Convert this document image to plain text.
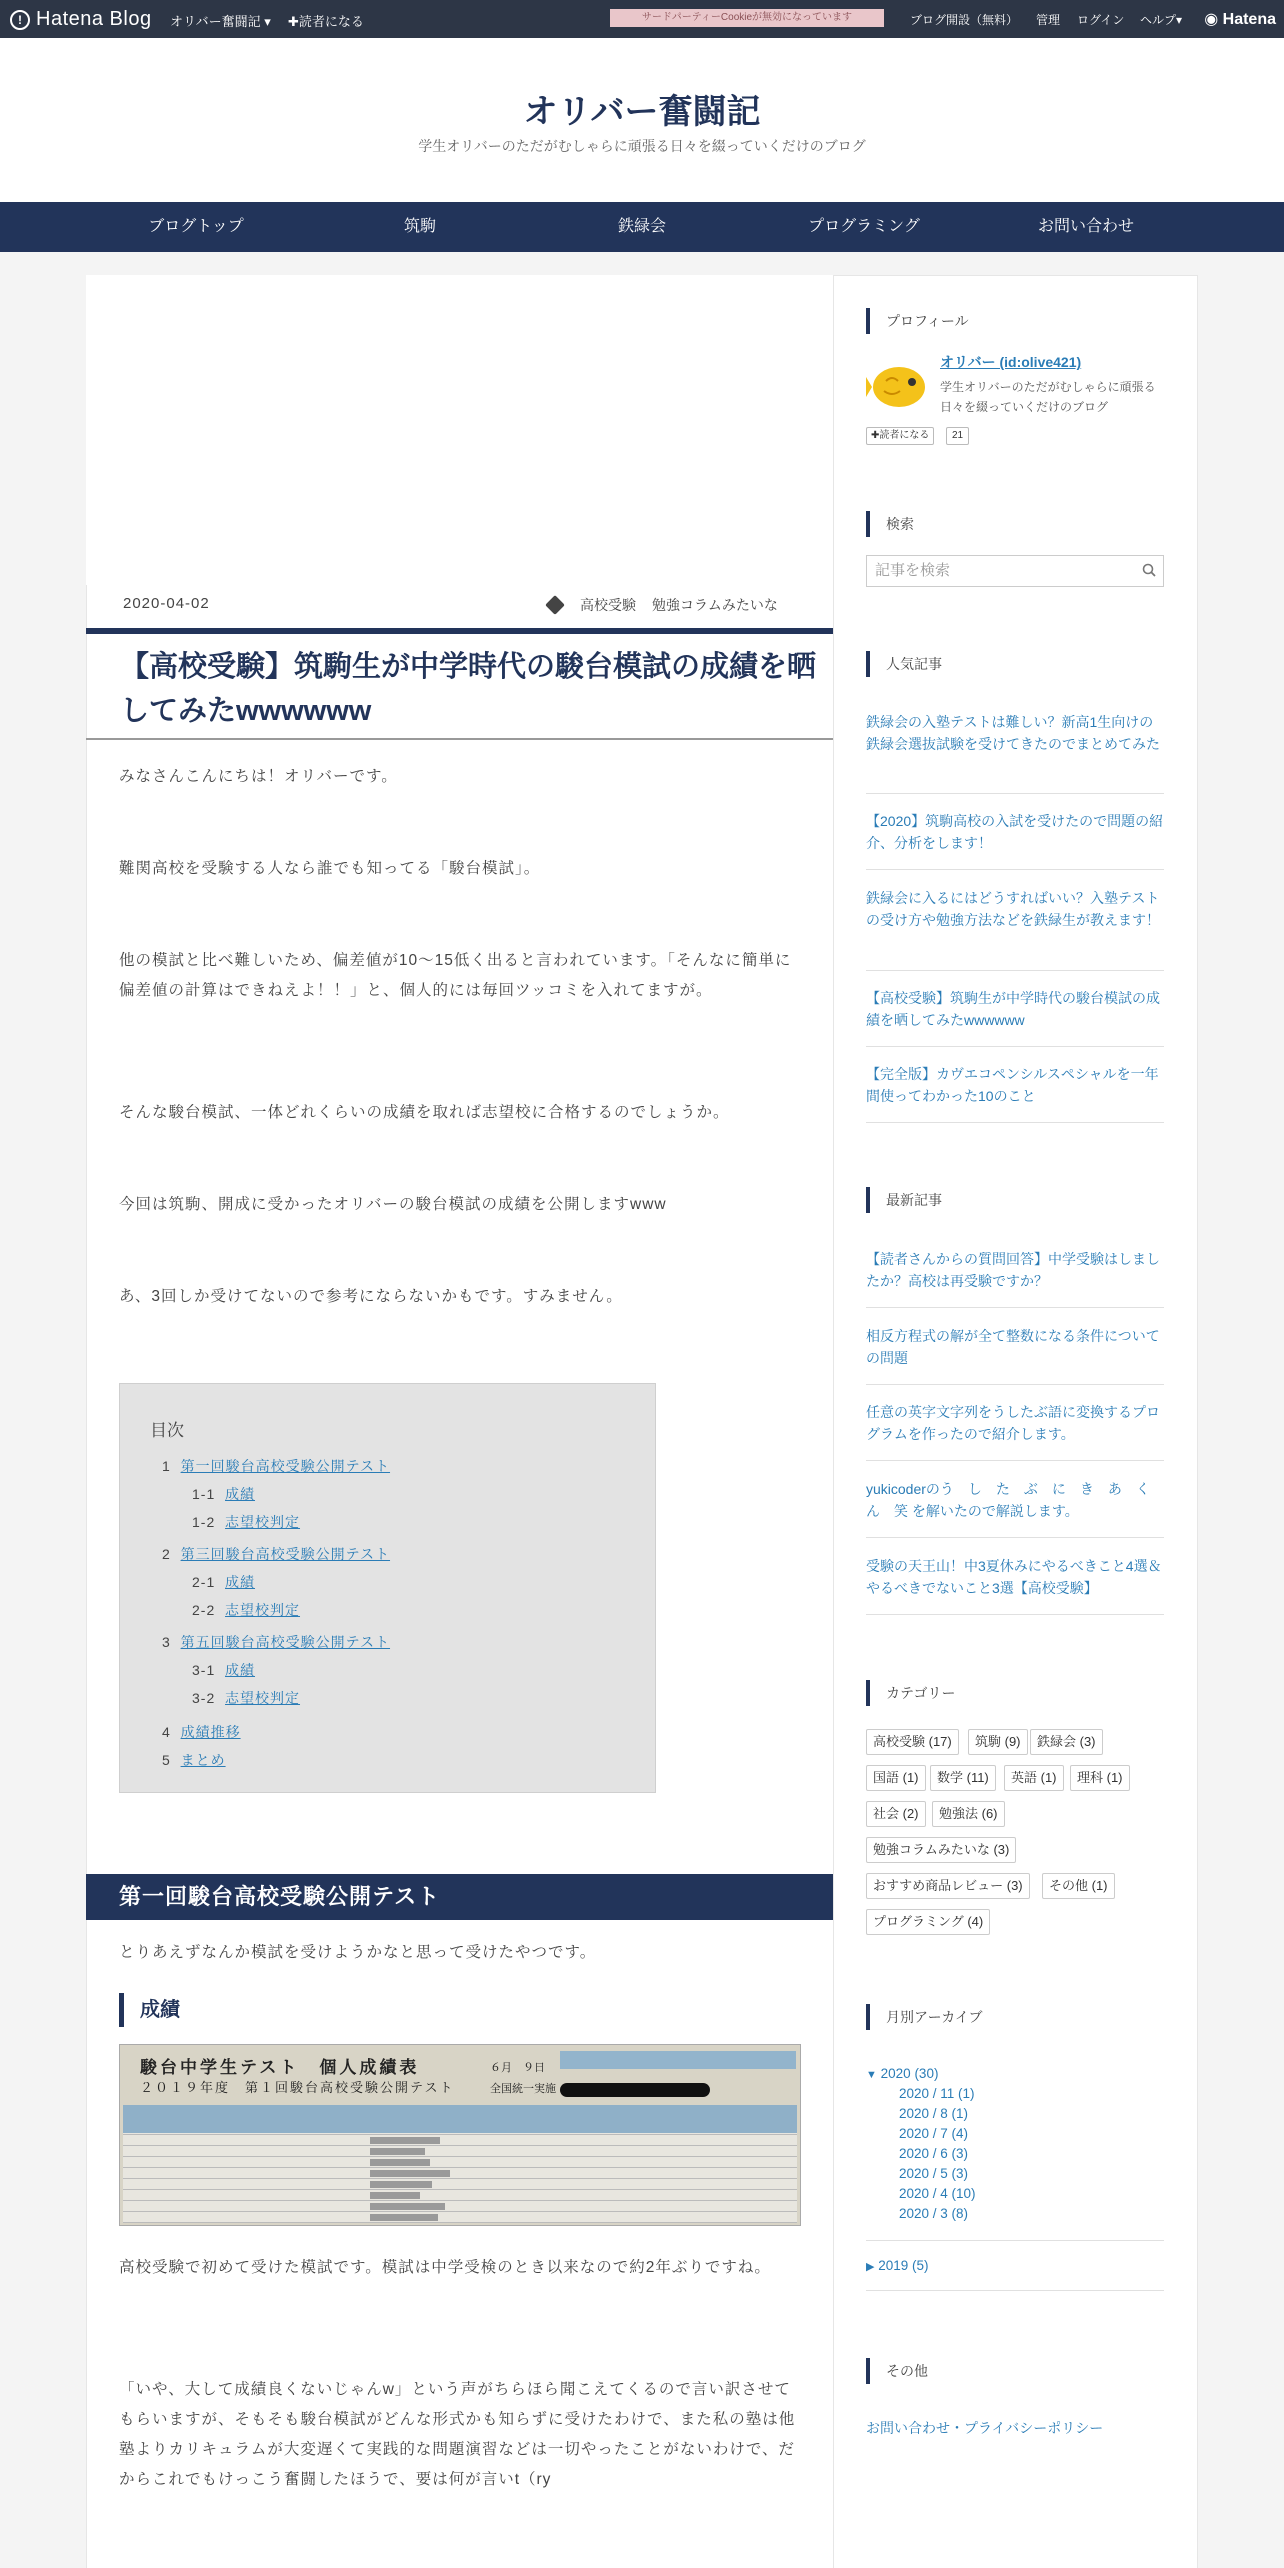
! Hatena Blog オリバー奮闘記 ▾ ✚読者になる	サードパーティーCookieが無効になっています	ブログ開設（無料） 管理 ログイン ヘルプ▾ ◉ Hatena
オリバー奮闘記
学生オリバーのただがむしゃらに頑張る日々を綴っていくだけのブログ
ブログトップ	筑駒	鉄緑会	プログラミング	お問い合わせ
2020-04-02	高校受験 勉強コラムみたいな
【高校受験】筑駒生が中学時代の駿台模試の成績を晒してみたwwwwww
みなさんこんにちは！オリバーです。
難関高校を受験する人なら誰でも知ってる「駿台模試」。
他の模試と比べ難しいため、偏差値が10〜15低く出ると言われています。「そんなに簡単に偏差値の計算はできねえよ！！」と、個人的には毎回ツッコミを入れてますが。
そんな駿台模試、一体どれくらいの成績を取れば志望校に合格するのでしょうか。
今回は筑駒、開成に受かったオリバーの駿台模試の成績を公開しますwww
あ、3回しか受けてないので参考にならないかもです。すみません。
目次
1 第一回駿台高校受験公開テスト
1-1 成績
1-2 志望校判定
2 第三回駿台高校受験公開テスト
2-1 成績
2-2 志望校判定
3 第五回駿台高校受験公開テスト
3-1 成績
3-2 志望校判定
4 成績推移
5 まとめ
第一回駿台高校受験公開テスト
とりあえずなんか模試を受けようかなと思って受けたやつです。
成績
駿台中学生テスト　個人成績表
２０１９年度　第１回駿台高校受験公開テスト
６月　９日
全国統一実施
高校受験で初めて受けた模試です。模試は中学受検のとき以来なので約2年ぶりですね。
「いや、大して成績良くないじゃんw」という声がちらほら聞こえてくるので言い訳させてもらいますが、そもそも駿台模試がどんな形式かも知らずに受けたわけで、また私の塾は他塾よりカリキュラムが大変遅くて実践的な問題演習などは一切やったことがないわけで、だからこれでもけっこう奮闘したほうで、要は何が言いt（ry
プロフィール
オリバー (id:olive421)
学生オリバーのただがむしゃらに頑張る日々を綴っていくだけのブログ
✚読者になる	21
検索
記事を検索
人気記事
鉄緑会の入塾テストは難しい？新高1生向けの鉄緑会選抜試験を受けてきたのでまとめてみた
【2020】筑駒高校の入試を受けたので問題の紹介、分析をします！
鉄緑会に入るにはどうすればいい？入塾テストの受け方や勉強方法などを鉄緑生が教えます！
【高校受験】筑駒生が中学時代の駿台模試の成績を晒してみたwwwwww
【完全版】カヴエコペンシルスペシャルを一年間使ってわかった10のこと
最新記事
【読者さんからの質問回答】中学受験はしましたか？高校は再受験ですか？
相反方程式の解が全て整数になる条件についての問題
任意の英字文字列をうしたぶ語に変換するプログラムを作ったので紹介します。
yukicoderのう　し　た　ぶ　に　き　あ　く　ん　笑 を解いたので解説します。
受験の天王山！中3夏休みにやるべきこと4選＆やるべきでないこと3選【高校受験】
カテゴリー
高校受験 (17)	筑駒 (9)	鉄緑会 (3)
国語 (1)	数学 (11)	英語 (1)	理科 (1)
社会 (2)	勉強法 (6)
勉強コラムみたいな (3)
おすすめ商品レビュー (3)	その他 (1)
プログラミング (4)
月別アーカイブ
▼ 2020 (30)
2020 / 11 (1)
2020 / 8 (1)
2020 / 7 (4)
2020 / 6 (3)
2020 / 5 (3)
2020 / 4 (10)
2020 / 3 (8)
▶ 2019 (5)
その他
お問い合わせ・プライバシーポリシー
